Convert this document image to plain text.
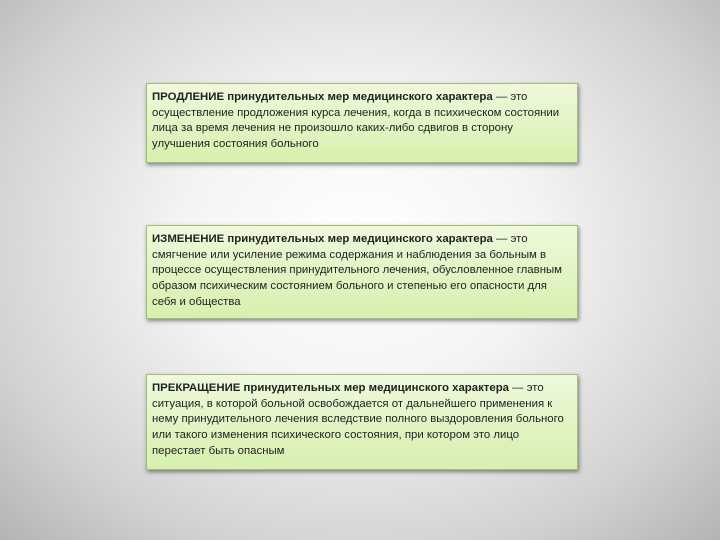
ПРОДЛЕНИЕ принудительных мер медицинского характера — это осуществление продложения курса лечения, когда в психическом состоянии лица за время лечения не произошло каких-либо сдвигов в сторону улучшения состояния больного
ИЗМЕНЕНИЕ принудительных мер медицинского характера — это смягчение или усиление режима содержания и наблюдения за больным в процессе осуществления принудительного лечения, обусловленное главным образом психическим состоянием больного и степенью его опасности для себя и общества
ПРЕКРАЩЕНИЕ принудительных мер медицинского характера — это ситуация, в которой больной освобождается от дальнейшего применения к нему принудительного лечения вследствие полного выздоровления больного или такого изменения психического состояния, при котором это лицо перестает быть опасным
